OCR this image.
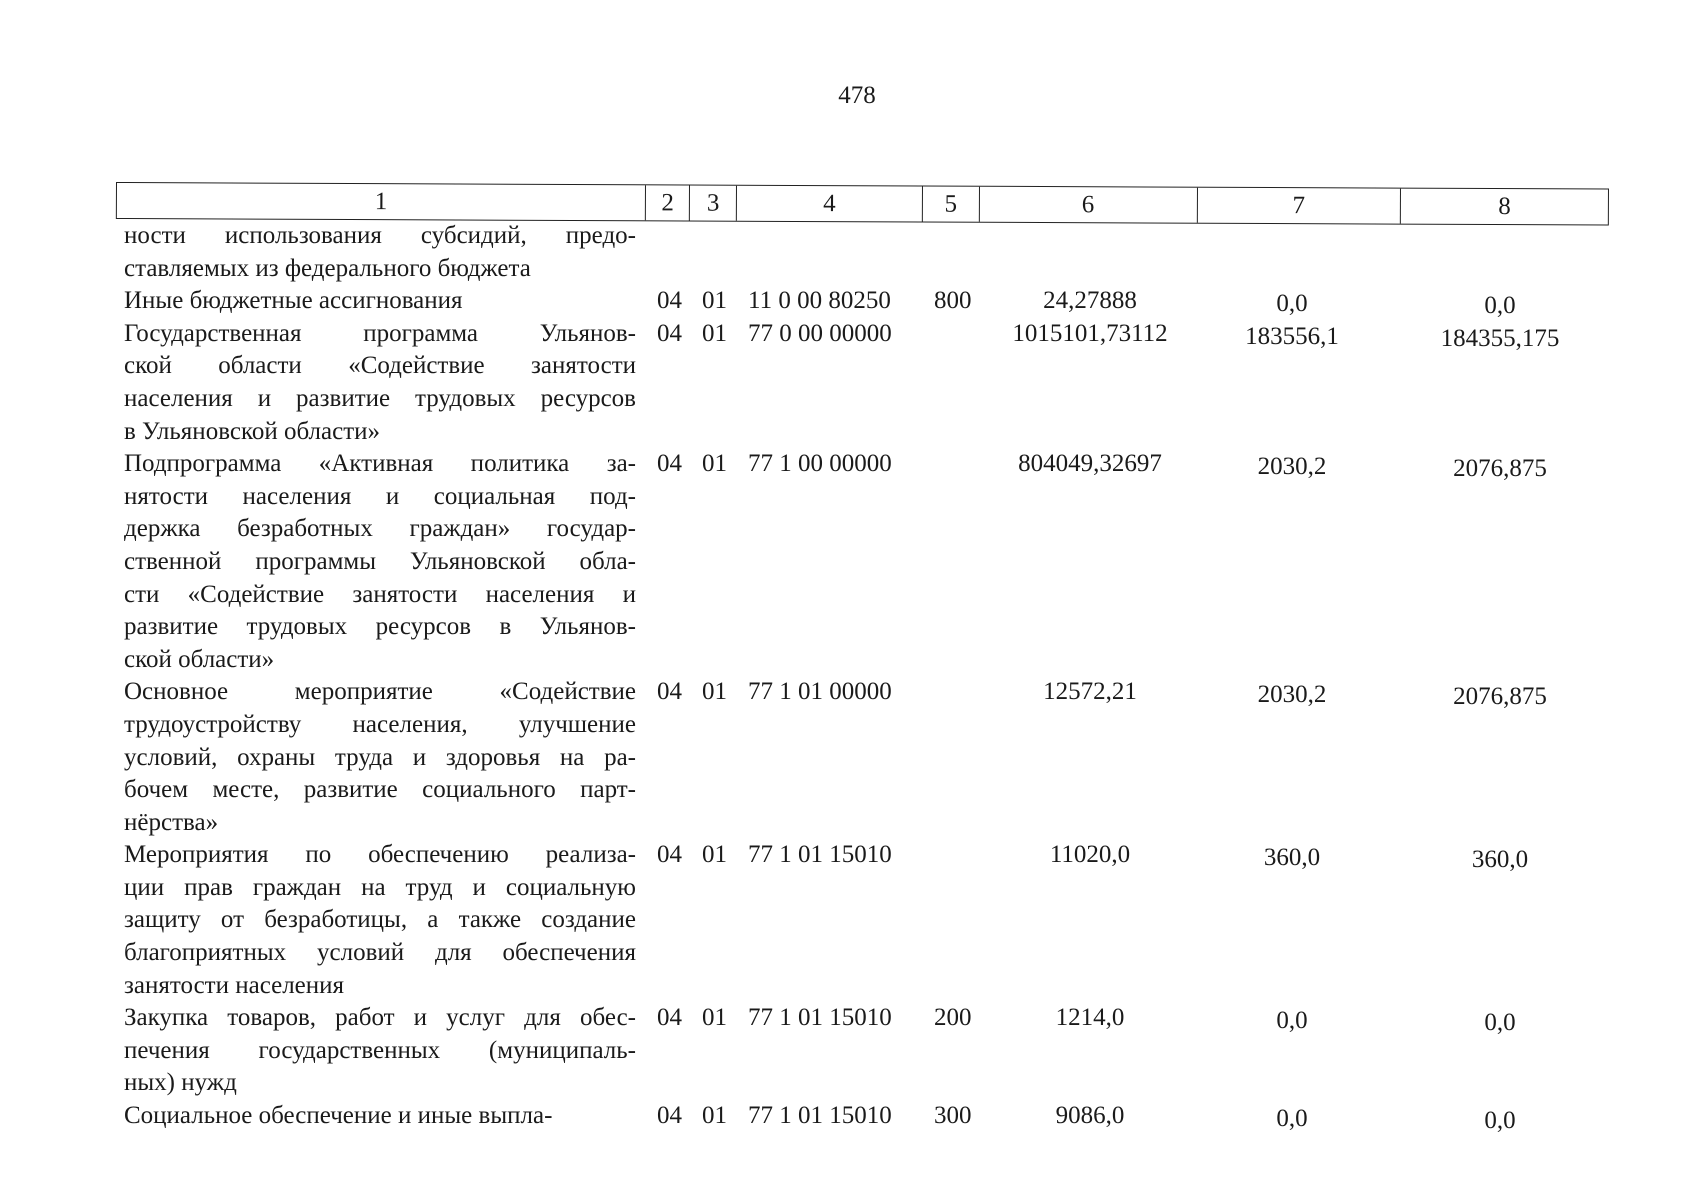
478
1	2	3	4	5	6	7	8
ности использования субсидий, предо-
ставляемых из федерального бюджета
Иные бюджетные ассигнования	04 01 11 0 00 80250 800	24,27888	0,0	0,0
Государственная программа Ульянов-
ской области «Содействие занятости
населения и развитие трудовых ресурсов
в Ульяновской области»
04 01 77 0 00 00000	1015101,73112	183556,1	184355,175
Подпрограмма «Активная политика за-
нятости населения и социальная под-
держка безработных граждан» государ-
ственной программы Ульяновской обла-
сти «Содействие занятости населения и
развитие трудовых ресурсов в Ульянов-
ской области»
04 01 77 1 00 00000	804049,32697	2030,2	2076,875
Основное мероприятие «Содействие
трудоустройству населения, улучшение
условий, охраны труда и здоровья на ра-
бочем месте, развитие социального парт-
нёрства»
04 01 77 1 01 00000	12572,21	2030,2	2076,875
Мероприятия по обеспечению реализа-
ции прав граждан на труд и социальную
защиту от безработицы, а также создание
благоприятных условий для обеспечения
занятости населения
04 01 77 1 01 15010	11020,0	360,0	360,0
Закупка товаров, работ и услуг для обес-
печения государственных (муниципаль-
ных) нужд
04 01 77 1 01 15010 200	1214,0	0,0	0,0
Социальное обеспечение и иные выпла-	04 01 77 1 01 15010 300	9086,0	0,0	0,0
